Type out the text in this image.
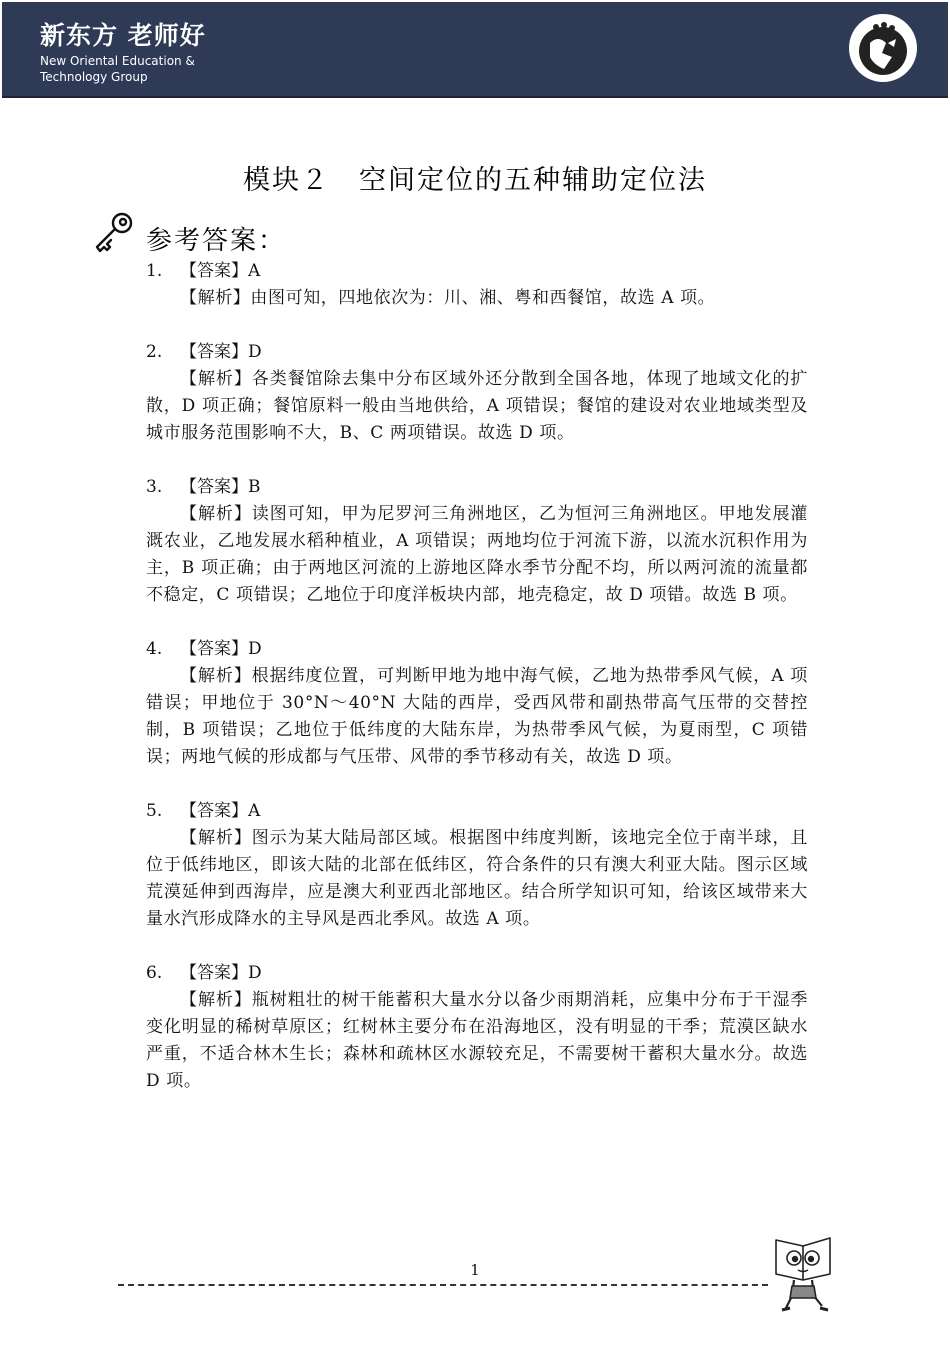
新东方 老师好
New Oriental Education & Technology Group
模块２　空间定位的五种辅助定位法
参考答案：
1. 【答案】A
【解析】由图可知，四地依次为：川、湘、粤和西餐馆，故选 A 项。
2. 【答案】D
【解析】各类餐馆除去集中分布区域外还分散到全国各地，体现了地域文化的扩散，D 项正确；餐馆原料一般由当地供给，A 项错误；餐馆的建设对农业地域类型及城市服务范围影响不大，B、C 两项错误。故选 D 项。
3. 【答案】B
【解析】读图可知，甲为尼罗河三角洲地区，乙为恒河三角洲地区。甲地发展灌溉农业，乙地发展水稻种植业，A 项错误；两地均位于河流下游，以流水沉积作用为主，B 项正确；由于两地区河流的上游地区降水季节分配不均，所以两河流的流量都不稳定，C 项错误；乙地位于印度洋板块内部，地壳稳定，故 D 项错。故选 B 项。
4. 【答案】D
【解析】根据纬度位置，可判断甲地为地中海气候，乙地为热带季风气候，A 项错误；甲地位于 30°N～40°N 大陆的西岸，受西风带和副热带高气压带的交替控制，B 项错误；乙地位于低纬度的大陆东岸，为热带季风气候，为夏雨型，C 项错误；两地气候的形成都与气压带、风带的季节移动有关，故选 D 项。
5. 【答案】A
【解析】图示为某大陆局部区域。根据图中纬度判断，该地完全位于南半球，且位于低纬地区，即该大陆的北部在低纬区，符合条件的只有澳大利亚大陆。图示区域荒漠延伸到西海岸，应是澳大利亚西北部地区。结合所学知识可知，给该区域带来大量水汽形成降水的主导风是西北季风。故选 A 项。
6. 【答案】D
【解析】瓶树粗壮的树干能蓄积大量水分以备少雨期消耗，应集中分布于干湿季变化明显的稀树草原区；红树林主要分布在沿海地区，没有明显的干季；荒漠区缺水严重，不适合林木生长；森林和疏林区水源较充足，不需要树干蓄积大量水分。故选 D 项。
1
